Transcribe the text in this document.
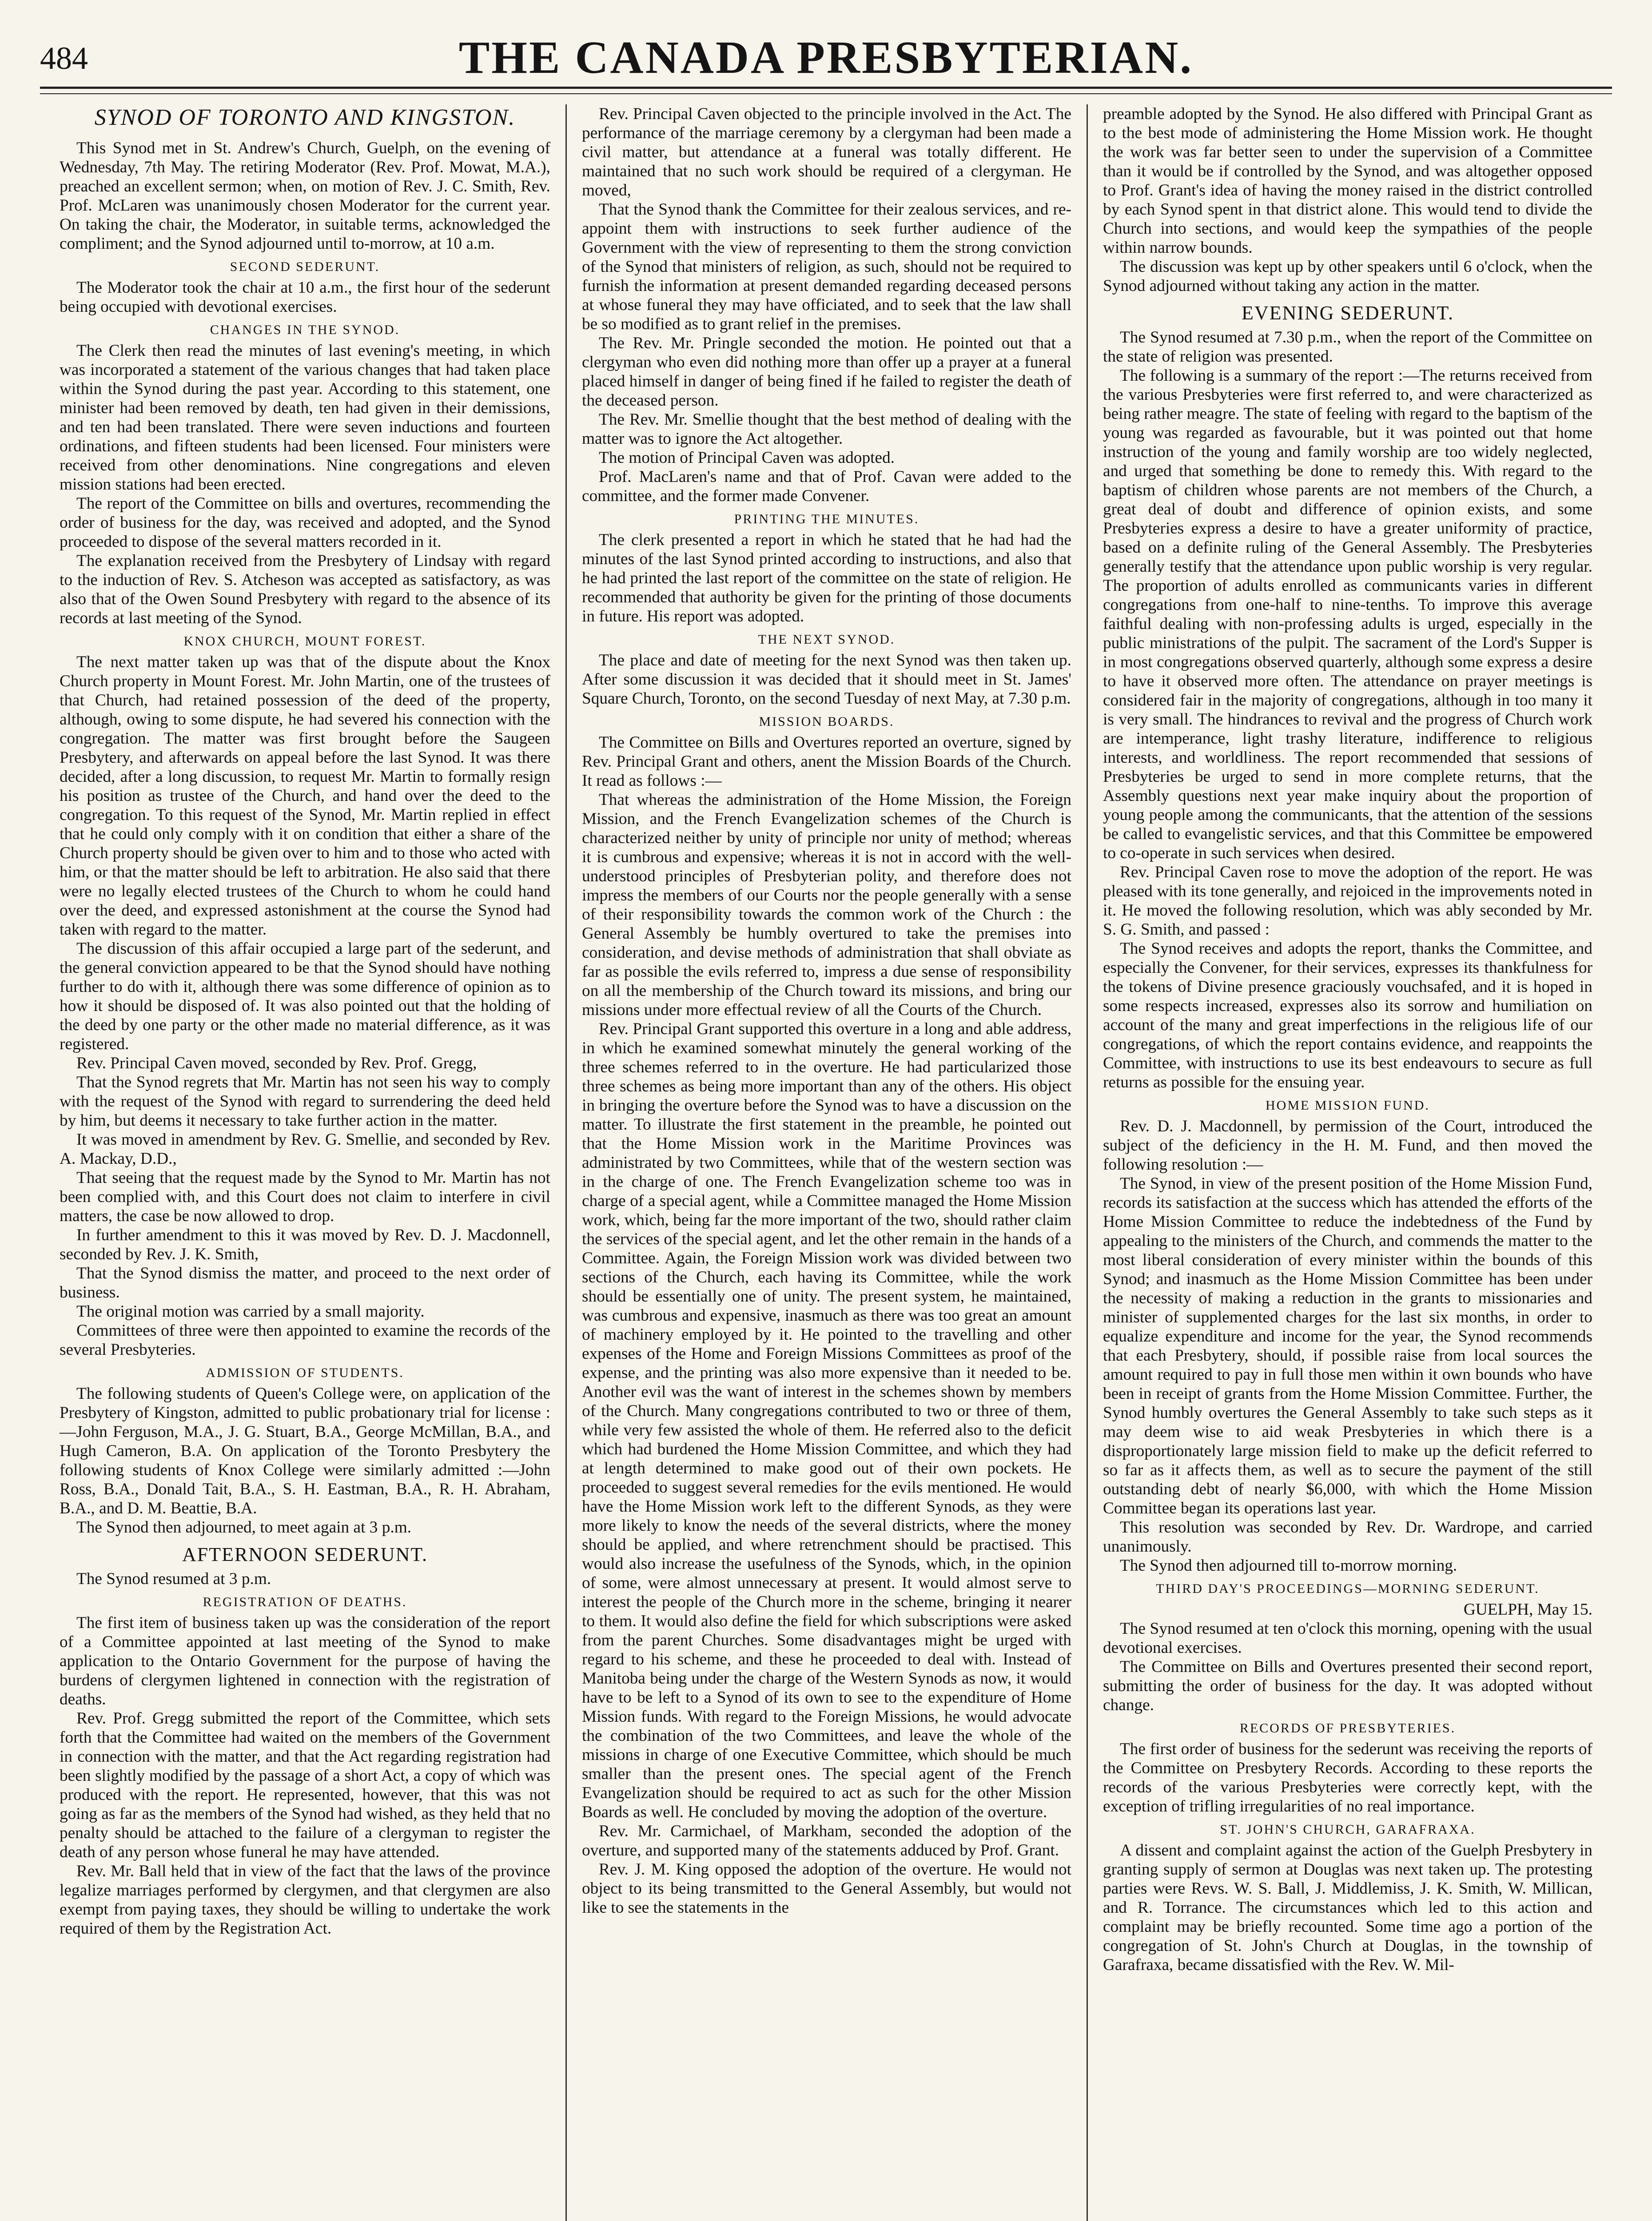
484	THE CANADA PRESBYTERIAN.
SYNOD OF TORONTO AND KINGSTON.

This Synod met in St. Andrew's Church, Guelph, on the evening of Wednesday, 7th May. The retiring Moderator (Rev. Prof. Mowat, M.A.), preached an excellent sermon; when, on motion of Rev. J. C. Smith, Rev. Prof. McLaren was unanimously chosen Moderator for the current year. On taking the chair, the Moderator, in suitable terms, acknowledged the compliment; and the Synod adjourned until to-morrow, at 10 a.m.

SECOND SEDERUNT.

The Moderator took the chair at 10 a.m., the first hour of the sederunt being occupied with devotional exercises.

CHANGES IN THE SYNOD.

The Clerk then read the minutes of last evening's meeting, in which was incorporated a statement of the various changes that had taken place within the Synod during the past year. According to this statement, one minister had been removed by death, ten had given in their demissions, and ten had been translated. There were seven inductions and fourteen ordinations, and fifteen students had been licensed. Four ministers were received from other denominations. Nine congregations and eleven mission stations had been erected.

The report of the Committee on bills and overtures, recommending the order of business for the day, was received and adopted, and the Synod proceeded to dispose of the several matters recorded in it.

The explanation received from the Presbytery of Lindsay with regard to the induction of Rev. S. Atcheson was accepted as satisfactory, as was also that of the Owen Sound Presbytery with regard to the absence of its records at last meeting of the Synod.

KNOX CHURCH, MOUNT FOREST.

The next matter taken up was that of the dispute about the Knox Church property in Mount Forest. Mr. John Martin, one of the trustees of that Church, had retained possession of the deed of the property, although, owing to some dispute, he had severed his connection with the congregation. The matter was first brought before the Saugeen Presbytery, and afterwards on appeal before the last Synod. It was there decided, after a long discussion, to request Mr. Martin to formally resign his position as trustee of the Church, and hand over the deed to the congregation. To this request of the Synod, Mr. Martin replied in effect that he could only comply with it on condition that either a share of the Church property should be given over to him and to those who acted with him, or that the matter should be left to arbitration. He also said that there were no legally elected trustees of the Church to whom he could hand over the deed, and expressed astonishment at the course the Synod had taken with regard to the matter.

The discussion of this affair occupied a large part of the sederunt, and the general conviction appeared to be that the Synod should have nothing further to do with it, although there was some difference of opinion as to how it should be disposed of. It was also pointed out that the holding of the deed by one party or the other made no material difference, as it was registered.

Rev. Principal Caven moved, seconded by Rev. Prof. Gregg,

That the Synod regrets that Mr. Martin has not seen his way to comply with the request of the Synod with regard to surrendering the deed held by him, but deems it necessary to take further action in the matter.

It was moved in amendment by Rev. G. Smellie, and seconded by Rev. A. Mackay, D.D.,

That seeing that the request made by the Synod to Mr. Martin has not been complied with, and this Court does not claim to interfere in civil matters, the case be now allowed to drop.

In further amendment to this it was moved by Rev. D. J. Macdonnell, seconded by Rev. J. K. Smith,

That the Synod dismiss the matter, and proceed to the next order of business.

The original motion was carried by a small majority.

Committees of three were then appointed to examine the records of the several Presbyteries.

ADMISSION OF STUDENTS.

The following students of Queen's College were, on application of the Presbytery of Kingston, admitted to public probationary trial for license :—John Ferguson, M.A., J. G. Stuart, B.A., George McMillan, B.A., and Hugh Cameron, B.A. On application of the Toronto Presbytery the following students of Knox College were similarly admitted :—John Ross, B.A., Donald Tait, B.A., S. H. Eastman, B.A., R. H. Abraham, B.A., and D. M. Beattie, B.A.

The Synod then adjourned, to meet again at 3 p.m.

AFTERNOON SEDERUNT.

The Synod resumed at 3 p.m.

REGISTRATION OF DEATHS.

The first item of business taken up was the consideration of the report of a Committee appointed at last meeting of the Synod to make application to the Ontario Government for the purpose of having the burdens of clergymen lightened in connection with the registration of deaths.

Rev. Prof. Gregg submitted the report of the Committee, which sets forth that the Committee had waited on the members of the Government in connection with the matter, and that the Act regarding registration had been slightly modified by the passage of a short Act, a copy of which was produced with the report. He represented, however, that this was not going as far as the members of the Synod had wished, as they held that no penalty should be attached to the failure of a clergyman to register the death of any person whose funeral he may have attended.

Rev. Mr. Ball held that in view of the fact that the laws of the province legalize marriages performed by clergymen, and that clergymen are also exempt from paying taxes, they should be willing to undertake the work required of them by the Registration Act.

Rev. Principal Caven objected to the principle involved in the Act. The performance of the marriage ceremony by a clergyman had been made a civil matter, but attendance at a funeral was totally different. He maintained that no such work should be required of a clergyman. He moved,

That the Synod thank the Committee for their zealous services, and re-appoint them with instructions to seek further audience of the Government with the view of representing to them the strong conviction of the Synod that ministers of religion, as such, should not be required to furnish the information at present demanded regarding deceased persons at whose funeral they may have officiated, and to seek that the law shall be so modified as to grant relief in the premises.

The Rev. Mr. Pringle seconded the motion. He pointed out that a clergyman who even did nothing more than offer up a prayer at a funeral placed himself in danger of being fined if he failed to register the death of the deceased person.

The Rev. Mr. Smellie thought that the best method of dealing with the matter was to ignore the Act altogether.

The motion of Principal Caven was adopted.

Prof. MacLaren's name and that of Prof. Cavan were added to the committee, and the former made Convener.

PRINTING THE MINUTES.

The clerk presented a report in which he stated that he had had the minutes of the last Synod printed according to instructions, and also that he had printed the last report of the committee on the state of religion. He recommended that authority be given for the printing of those documents in future. His report was adopted.

THE NEXT SYNOD.

The place and date of meeting for the next Synod was then taken up. After some discussion it was decided that it should meet in St. James' Square Church, Toronto, on the second Tuesday of next May, at 7.30 p.m.

MISSION BOARDS.

The Committee on Bills and Overtures reported an overture, signed by Rev. Principal Grant and others, anent the Mission Boards of the Church. It read as follows :—

That whereas the administration of the Home Mission, the Foreign Mission, and the French Evangelization schemes of the Church is characterized neither by unity of principle nor unity of method; whereas it is cumbrous and expensive; whereas it is not in accord with the well-understood principles of Presbyterian polity, and therefore does not impress the members of our Courts nor the people generally with a sense of their responsibility towards the common work of the Church : the General Assembly be humbly overtured to take the premises into consideration, and devise methods of administration that shall obviate as far as possible the evils referred to, impress a due sense of responsibility on all the membership of the Church toward its missions, and bring our missions under more effectual review of all the Courts of the Church.

Rev. Principal Grant supported this overture in a long and able address, in which he examined somewhat minutely the general working of the three schemes referred to in the overture. He had particularized those three schemes as being more important than any of the others. His object in bringing the overture before the Synod was to have a discussion on the matter. To illustrate the first statement in the preamble, he pointed out that the Home Mission work in the Maritime Provinces was administrated by two Committees, while that of the western section was in the charge of one. The French Evangelization scheme too was in charge of a special agent, while a Committee managed the Home Mission work, which, being far the more important of the two, should rather claim the services of the special agent, and let the other remain in the hands of a Committee. Again, the Foreign Mission work was divided between two sections of the Church, each having its Committee, while the work should be essentially one of unity. The present system, he maintained, was cumbrous and expensive, inasmuch as there was too great an amount of machinery employed by it. He pointed to the travelling and other expenses of the Home and Foreign Missions Committees as proof of the expense, and the printing was also more expensive than it needed to be. Another evil was the want of interest in the schemes shown by members of the Church. Many congregations contributed to two or three of them, while very few assisted the whole of them. He referred also to the deficit which had burdened the Home Mission Committee, and which they had at length determined to make good out of their own pockets. He proceeded to suggest several remedies for the evils mentioned. He would have the Home Mission work left to the different Synods, as they were more likely to know the needs of the several districts, where the money should be applied, and where retrenchment should be practised. This would also increase the usefulness of the Synods, which, in the opinion of some, were almost unnecessary at present. It would almost serve to interest the people of the Church more in the scheme, bringing it nearer to them. It would also define the field for which subscriptions were asked from the parent Churches. Some disadvantages might be urged with regard to his scheme, and these he proceeded to deal with. Instead of Manitoba being under the charge of the Western Synods as now, it would have to be left to a Synod of its own to see to the expenditure of Home Mission funds. With regard to the Foreign Missions, he would advocate the combination of the two Committees, and leave the whole of the missions in charge of one Executive Committee, which should be much smaller than the present ones. The special agent of the French Evangelization should be required to act as such for the other Mission Boards as well. He concluded by moving the adoption of the overture.

Rev. Mr. Carmichael, of Markham, seconded the adoption of the overture, and supported many of the statements adduced by Prof. Grant.

Rev. J. M. King opposed the adoption of the overture. He would not object to its being transmitted to the General Assembly, but would not like to see the statements in the

preamble adopted by the Synod. He also differed with Principal Grant as to the best mode of administering the Home Mission work. He thought the work was far better seen to under the supervision of a Committee than it would be if controlled by the Synod, and was altogether opposed to Prof. Grant's idea of having the money raised in the district controlled by each Synod spent in that district alone. This would tend to divide the Church into sections, and would keep the sympathies of the people within narrow bounds.

The discussion was kept up by other speakers until 6 o'clock, when the Synod adjourned without taking any action in the matter.

EVENING SEDERUNT.

The Synod resumed at 7.30 p.m., when the report of the Committee on the state of religion was presented.

The following is a summary of the report :—The returns received from the various Presbyteries were first referred to, and were characterized as being rather meagre. The state of feeling with regard to the baptism of the young was regarded as favourable, but it was pointed out that home instruction of the young and family worship are too widely neglected, and urged that something be done to remedy this. With regard to the baptism of children whose parents are not members of the Church, a great deal of doubt and difference of opinion exists, and some Presbyteries express a desire to have a greater uniformity of practice, based on a definite ruling of the General Assembly. The Presbyteries generally testify that the attendance upon public worship is very regular. The proportion of adults enrolled as communicants varies in different congregations from one-half to nine-tenths. To improve this average faithful dealing with non-professing adults is urged, especially in the public ministrations of the pulpit. The sacrament of the Lord's Supper is in most congregations observed quarterly, although some express a desire to have it observed more often. The attendance on prayer meetings is considered fair in the majority of congregations, although in too many it is very small. The hindrances to revival and the progress of Church work are intemperance, light trashy literature, indifference to religious interests, and worldliness. The report recommended that sessions of Presbyteries be urged to send in more complete returns, that the Assembly questions next year make inquiry about the proportion of young people among the communicants, that the attention of the sessions be called to evangelistic services, and that this Committee be empowered to co-operate in such services when desired.

Rev. Principal Caven rose to move the adoption of the report. He was pleased with its tone generally, and rejoiced in the improvements noted in it. He moved the following resolution, which was ably seconded by Mr. S. G. Smith, and passed :

The Synod receives and adopts the report, thanks the Committee, and especially the Convener, for their services, expresses its thankfulness for the tokens of Divine presence graciously vouchsafed, and it is hoped in some respects increased, expresses also its sorrow and humiliation on account of the many and great imperfections in the religious life of our congregations, of which the report contains evidence, and reappoints the Committee, with instructions to use its best endeavours to secure as full returns as possible for the ensuing year.

HOME MISSION FUND.

Rev. D. J. Macdonnell, by permission of the Court, introduced the subject of the deficiency in the H. M. Fund, and then moved the following resolution :—

The Synod, in view of the present position of the Home Mission Fund, records its satisfaction at the success which has attended the efforts of the Home Mission Committee to reduce the indebtedness of the Fund by appealing to the ministers of the Church, and commends the matter to the most liberal consideration of every minister within the bounds of this Synod; and inasmuch as the Home Mission Committee has been under the necessity of making a reduction in the grants to missionaries and minister of supplemented charges for the last six months, in order to equalize expenditure and income for the year, the Synod recommends that each Presbytery, should, if possible raise from local sources the amount required to pay in full those men within it own bounds who have been in receipt of grants from the Home Mission Committee. Further, the Synod humbly overtures the General Assembly to take such steps as it may deem wise to aid weak Presbyteries in which there is a disproportionately large mission field to make up the deficit referred to so far as it affects them, as well as to secure the payment of the still outstanding debt of nearly $6,000, with which the Home Mission Committee began its operations last year.

This resolution was seconded by Rev. Dr. Wardrope, and carried unanimously.

The Synod then adjourned till to-morrow morning.

THIRD DAY'S PROCEEDINGS—MORNING SEDERUNT.

GUELPH, May 15.

The Synod resumed at ten o'clock this morning, opening with the usual devotional exercises.

The Committee on Bills and Overtures presented their second report, submitting the order of business for the day. It was adopted without change.

RECORDS OF PRESBYTERIES.

The first order of business for the sederunt was receiving the reports of the Committee on Presbytery Records. According to these reports the records of the various Presbyteries were correctly kept, with the exception of trifling irregularities of no real importance.

ST. JOHN'S CHURCH, GARAFRAXA.

A dissent and complaint against the action of the Guelph Presbytery in granting supply of sermon at Douglas was next taken up. The protesting parties were Revs. W. S. Ball, J. Middlemiss, J. K. Smith, W. Millican, and R. Torrance. The circumstances which led to this action and complaint may be briefly recounted. Some time ago a portion of the congregation of St. John's Church at Douglas, in the township of Garafraxa, became dissatisfied with the Rev. W. Mil-
